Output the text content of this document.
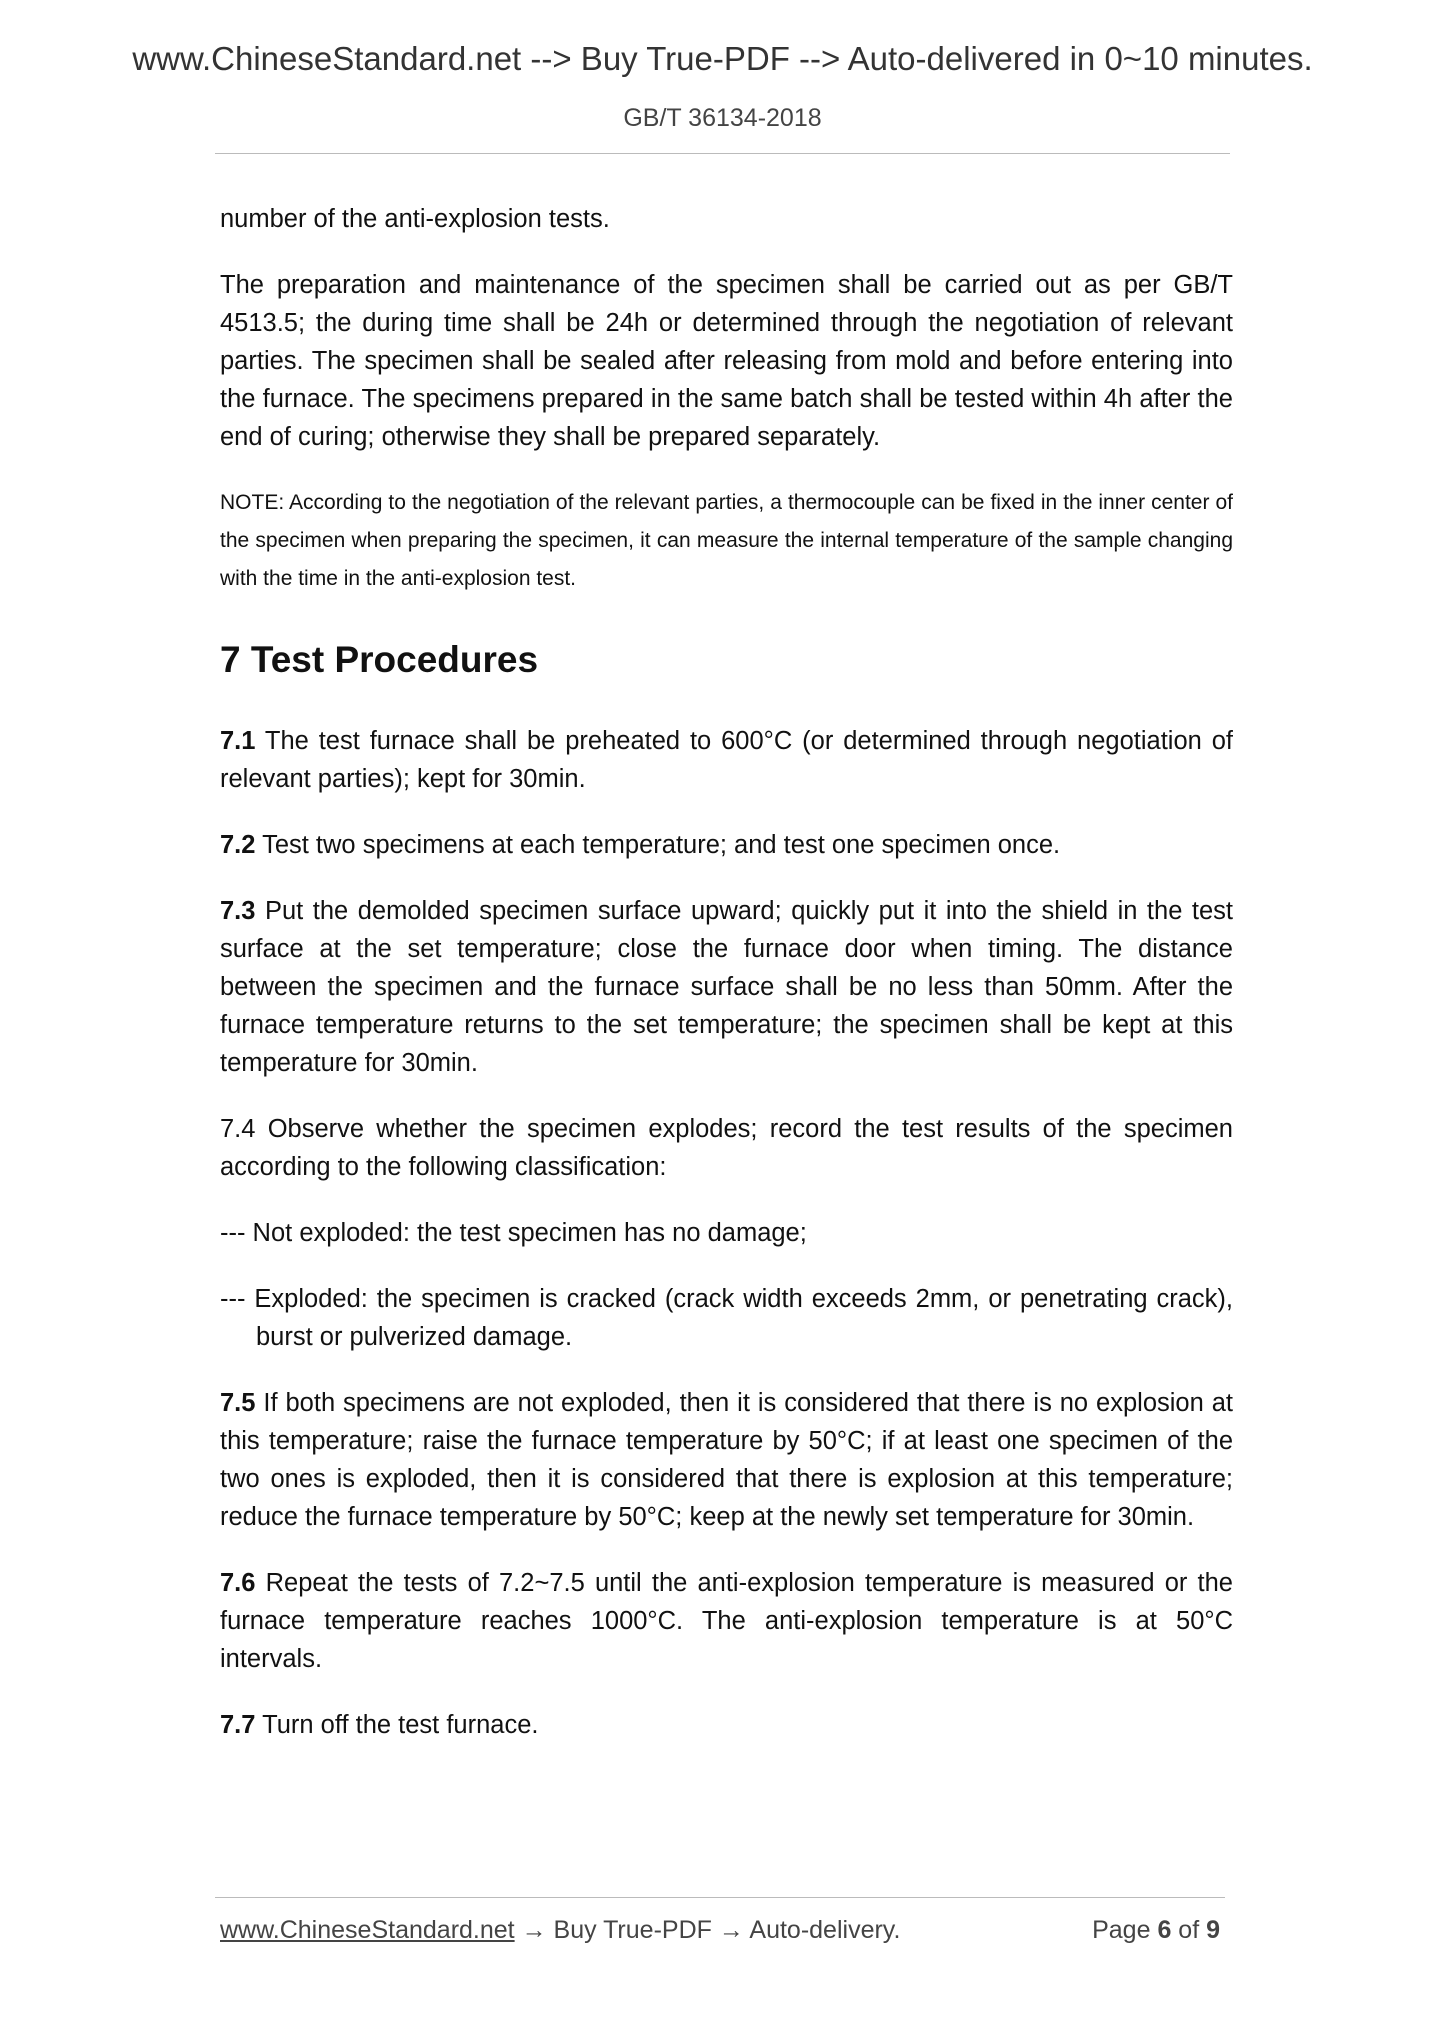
www.ChineseStandard.net --> Buy True-PDF --> Auto-delivered in 0~10 minutes.
GB/T 36134-2018

number of the anti-explosion tests.

The preparation and maintenance of the specimen shall be carried out as per GB/T 4513.5; the during time shall be 24h or determined through the negotiation of relevant parties. The specimen shall be sealed after releasing from mold and before entering into the furnace. The specimens prepared in the same batch shall be tested within 4h after the end of curing; otherwise they shall be prepared separately.

NOTE: According to the negotiation of the relevant parties, a thermocouple can be fixed in the inner center of the specimen when preparing the specimen, it can measure the internal temperature of the sample changing with the time in the anti-explosion test.

7 Test Procedures

7.1 The test furnace shall be preheated to 600°C (or determined through negotiation of relevant parties); kept for 30min.

7.2 Test two specimens at each temperature; and test one specimen once.

7.3 Put the demolded specimen surface upward; quickly put it into the shield in the test surface at the set temperature; close the furnace door when timing. The distance between the specimen and the furnace surface shall be no less than 50mm. After the furnace temperature returns to the set temperature; the specimen shall be kept at this temperature for 30min.

7.4 Observe whether the specimen explodes; record the test results of the specimen according to the following classification:

--- Not exploded: the test specimen has no damage;

--- Exploded: the specimen is cracked (crack width exceeds 2mm, or penetrating crack), burst or pulverized damage.

7.5 If both specimens are not exploded, then it is considered that there is no explosion at this temperature; raise the furnace temperature by 50°C; if at least one specimen of the two ones is exploded, then it is considered that there is explosion at this temperature; reduce the furnace temperature by 50°C; keep at the newly set temperature for 30min.

7.6 Repeat the tests of 7.2~7.5 until the anti-explosion temperature is measured or the furnace temperature reaches 1000°C. The anti-explosion temperature is at 50°C intervals.

7.7 Turn off the test furnace.

www.ChineseStandard.net → Buy True-PDF → Auto-delivery.	Page 6 of 9
